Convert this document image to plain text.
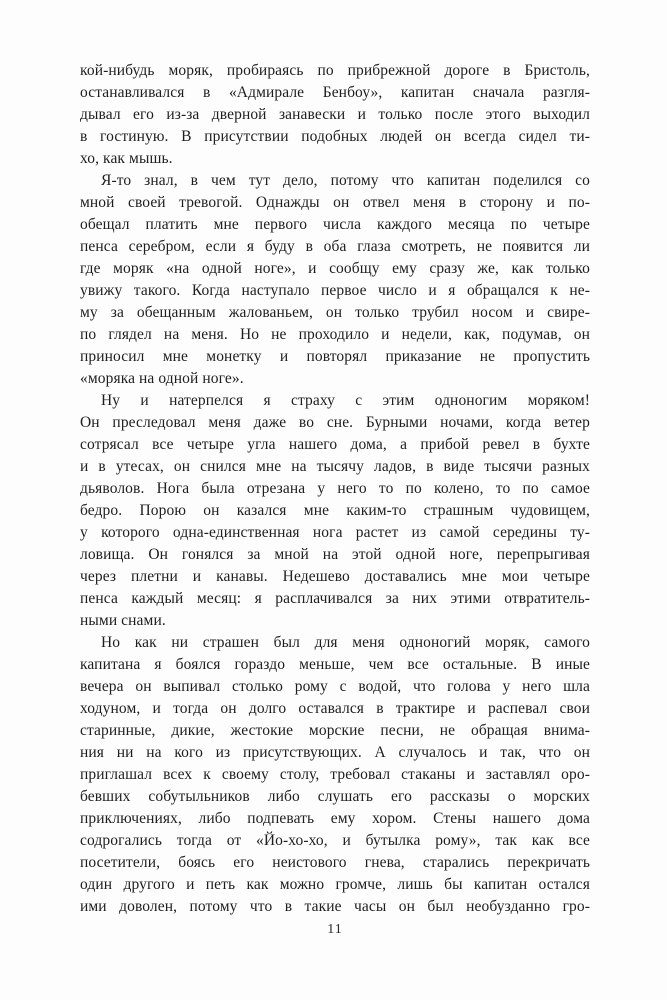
кой-нибудь моряк, пробираясь по прибрежной дороге в Бристоль,
останавливался в «Адмирале Бенбоу», капитан сначала разгля-
дывал его из-за дверной занавески и только после этого выходил
в гостиную. В присутствии подобных людей он всегда сидел ти-
хо, как мышь.
Я-то знал, в чем тут дело, потому что капитан поделился со
мной своей тревогой. Однажды он отвел меня в сторону и по-
обещал платить мне первого числа каждого месяца по четыре
пенса серебром, если я буду в оба глаза смотреть, не появится ли
где моряк «на одной ноге», и сообщу ему сразу же, как только
увижу такого. Когда наступало первое число и я обращался к не-
му за обещанным жалованьем, он только трубил носом и свире-
по глядел на меня. Но не проходило и недели, как, подумав, он
приносил мне монетку и повторял приказание не пропустить
«моряка на одной ноге».
Ну и натерпелся я страху с этим одноногим моряком!
Он преследовал меня даже во сне. Бурными ночами, когда ветер
сотрясал все четыре угла нашего дома, а прибой ревел в бухте
и в утесах, он снился мне на тысячу ладов, в виде тысячи разных
дьяволов. Нога была отрезана у него то по колено, то по самое
бедро. Порою он казался мне каким-то страшным чудовищем,
у которого одна-единственная нога растет из самой середины ту-
ловища. Он гонялся за мной на этой одной ноге, перепрыгивая
через плетни и канавы. Недешево доставались мне мои четыре
пенса каждый месяц: я расплачивался за них этими отвратитель-
ными снами.
Но как ни страшен был для меня одноногий моряк, самого
капитана я боялся гораздо меньше, чем все остальные. В иные
вечера он выпивал столько рому с водой, что голова у него шла
ходуном, и тогда он долго оставался в трактире и распевал свои
старинные, дикие, жестокие морские песни, не обращая внима-
ния ни на кого из присутствующих. А случалось и так, что он
приглашал всех к своему столу, требовал стаканы и заставлял оро-
бевших собутыльников либо слушать его рассказы о морских
приключениях, либо подпевать ему хором. Стены нашего дома
содрогались тогда от «Йо-хо-хо, и бутылка рому», так как все
посетители, боясь его неистового гнева, старались перекричать
один другого и петь как можно громче, лишь бы капитан остался
ими доволен, потому что в такие часы он был необузданно гро-
11
